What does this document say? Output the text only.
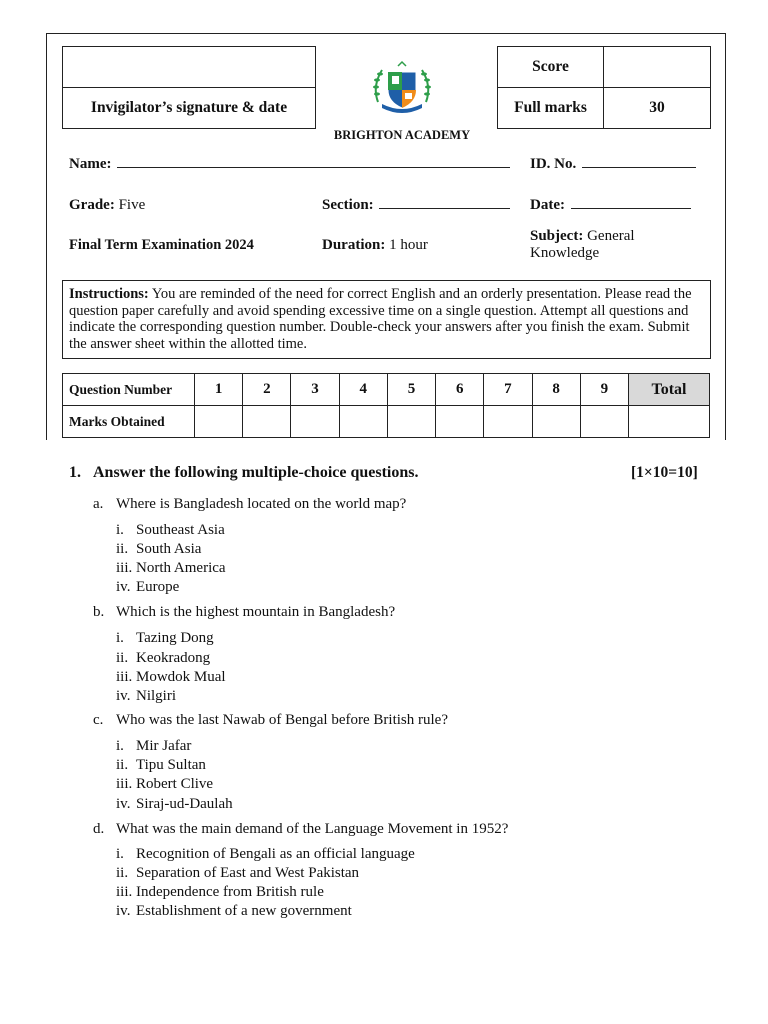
Invigilator’s signature & date
BRIGHTON ACADEMY
Score
Full marks	30
Name:	ID. No.
Grade: Five	Section:	Date:
Final Term Examination 2024	Duration: 1 hour
Subject: General Knowledge
Instructions: You are reminded of the need for correct English and an orderly presentation. Please read the question paper carefully and avoid spending excessive time on a single question. Attempt all questions and indicate the corresponding question number. Double-check your answers after you finish the exam. Submit the answer sheet within the allotted time.
Question Number	1	2	3	4	5	6	7	8	9	Total
Marks Obtained										
1. Answer the following multiple-choice questions.	[1×10=10]
a. Where is Bangladesh located on the world map?
i. Southeast Asia
ii. South Asia
iii. North America
iv. Europe
b. Which is the highest mountain in Bangladesh?
i. Tazing Dong
ii. Keokradong
iii. Mowdok Mual
iv. Nilgiri
c. Who was the last Nawab of Bengal before British rule?
i. Mir Jafar
ii. Tipu Sultan
iii. Robert Clive
iv. Siraj-ud-Daulah
d. What was the main demand of the Language Movement in 1952?
i. Recognition of Bengali as an official language
ii. Separation of East and West Pakistan
iii. Independence from British rule
iv. Establishment of a new government
